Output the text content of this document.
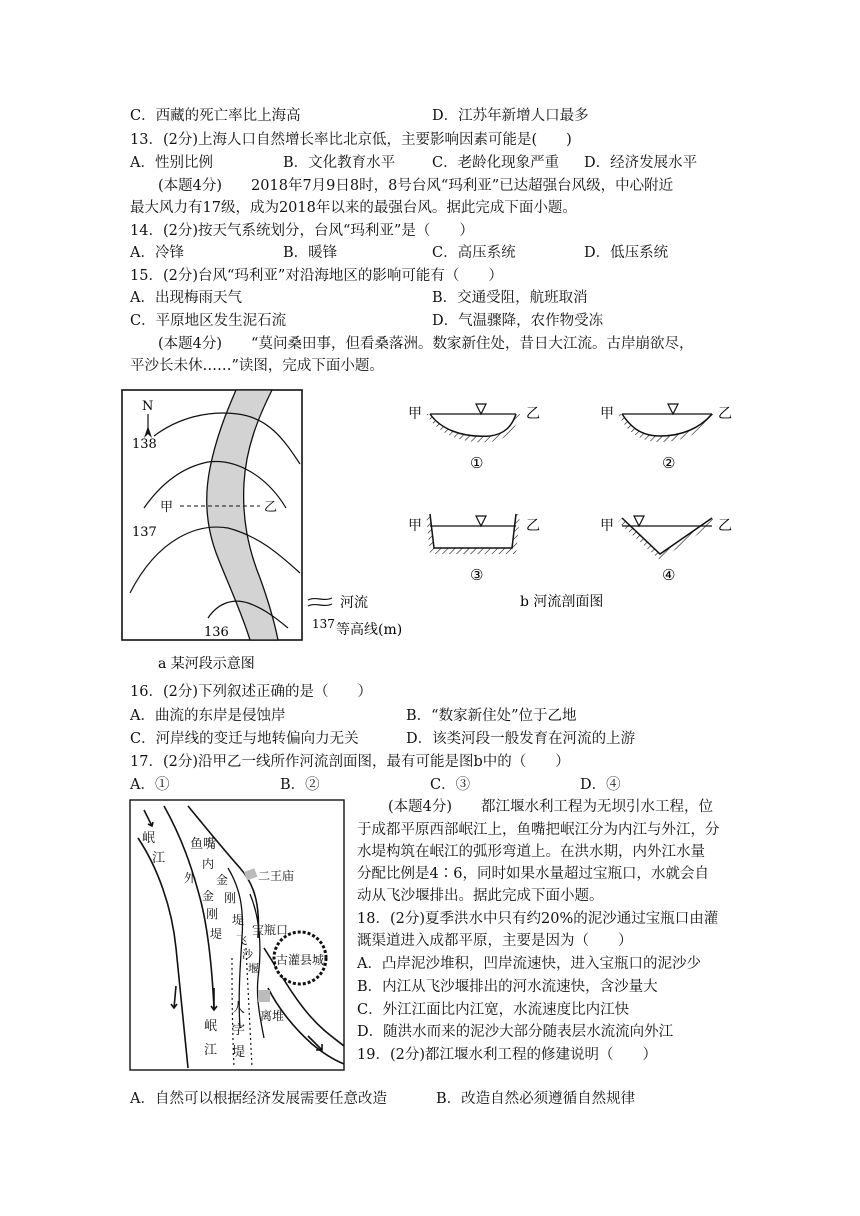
C．西藏的死亡率比上海高	D．江苏年新增人口最多
13．(2分)上海人口自然增长率比北京低，主要影响因素可能是(　　)
A．性别比例	B．文化教育水平	C．老龄化现象严重 D．经济发展水平
(本题4分)　　2018年7月9日8时，8号台风“玛利亚”已达超强台风级，中心附近
最大风力有17级，成为2018年以来的最强台风。据此完成下面小题。
14．(2分)按天气系统划分，台风“玛利亚”是（　　）
A．冷锋	B．暖锋	C．高压系统	D．低压系统
15．(2分)台风“玛利亚”对沿海地区的影响可能有（　　）
A．出现梅雨天气	B．交通受阻，航班取消
C．平原地区发生泥石流	D．气温骤降，农作物受冻
(本题4分)　　“莫问桑田事，但看桑落洲。数家新住处，昔日大江流。古岸崩欲尽，
平沙长未休……”读图，完成下面小题。
N
甲	乙
138
137
136
河流
137 等高线(m)
a 某河段示意图
甲	乙
①
甲	乙
②
甲	乙
③
甲	乙
④
b 河流剖面图
16．(2分)下列叙述正确的是（　　）
A．曲流的东岸是侵蚀岸	B．“数家新住处”位于乙地
C．河岸线的变迁与地转偏向力无关	D．该类河段一般发育在河流的上游
17．(2分)沿甲乙一线所作河流剖面图，最有可能是图b中的（　　）
A．①	B．②	C．③	D．④
岷
江
鱼嘴
内
外 金
金 刚
刚 堤
堤 飞
沙
堰
二王庙
宝瓶口
古灌县城
离堆
人
字
堤
岷
江
(本题4分)　　都江堰水利工程为无坝引水工程，位
于成都平原西部岷江上，鱼嘴把岷江分为内江与外江，分
水堤构筑在岷江的弧形弯道上。在洪水期，内外江水量
分配比例是4∶6，同时如果水量超过宝瓶口，水就会自
动从飞沙堰排出。据此完成下面小题。
18．(2分)夏季洪水中只有约20%的泥沙通过宝瓶口由灌
溉渠道进入成都平原，主要是因为（　　）
A．凸岸泥沙堆积，凹岸流速快，进入宝瓶口的泥沙少
B．内江从飞沙堰排出的河水流速快，含沙量大
C．外江江面比内江宽，水流速度比内江快
D．随洪水而来的泥沙大部分随表层水流流向外江
19．(2分)都江堰水利工程的修建说明（　　）
A．自然可以根据经济发展需要任意改造	B．改造自然必须遵循自然规律
